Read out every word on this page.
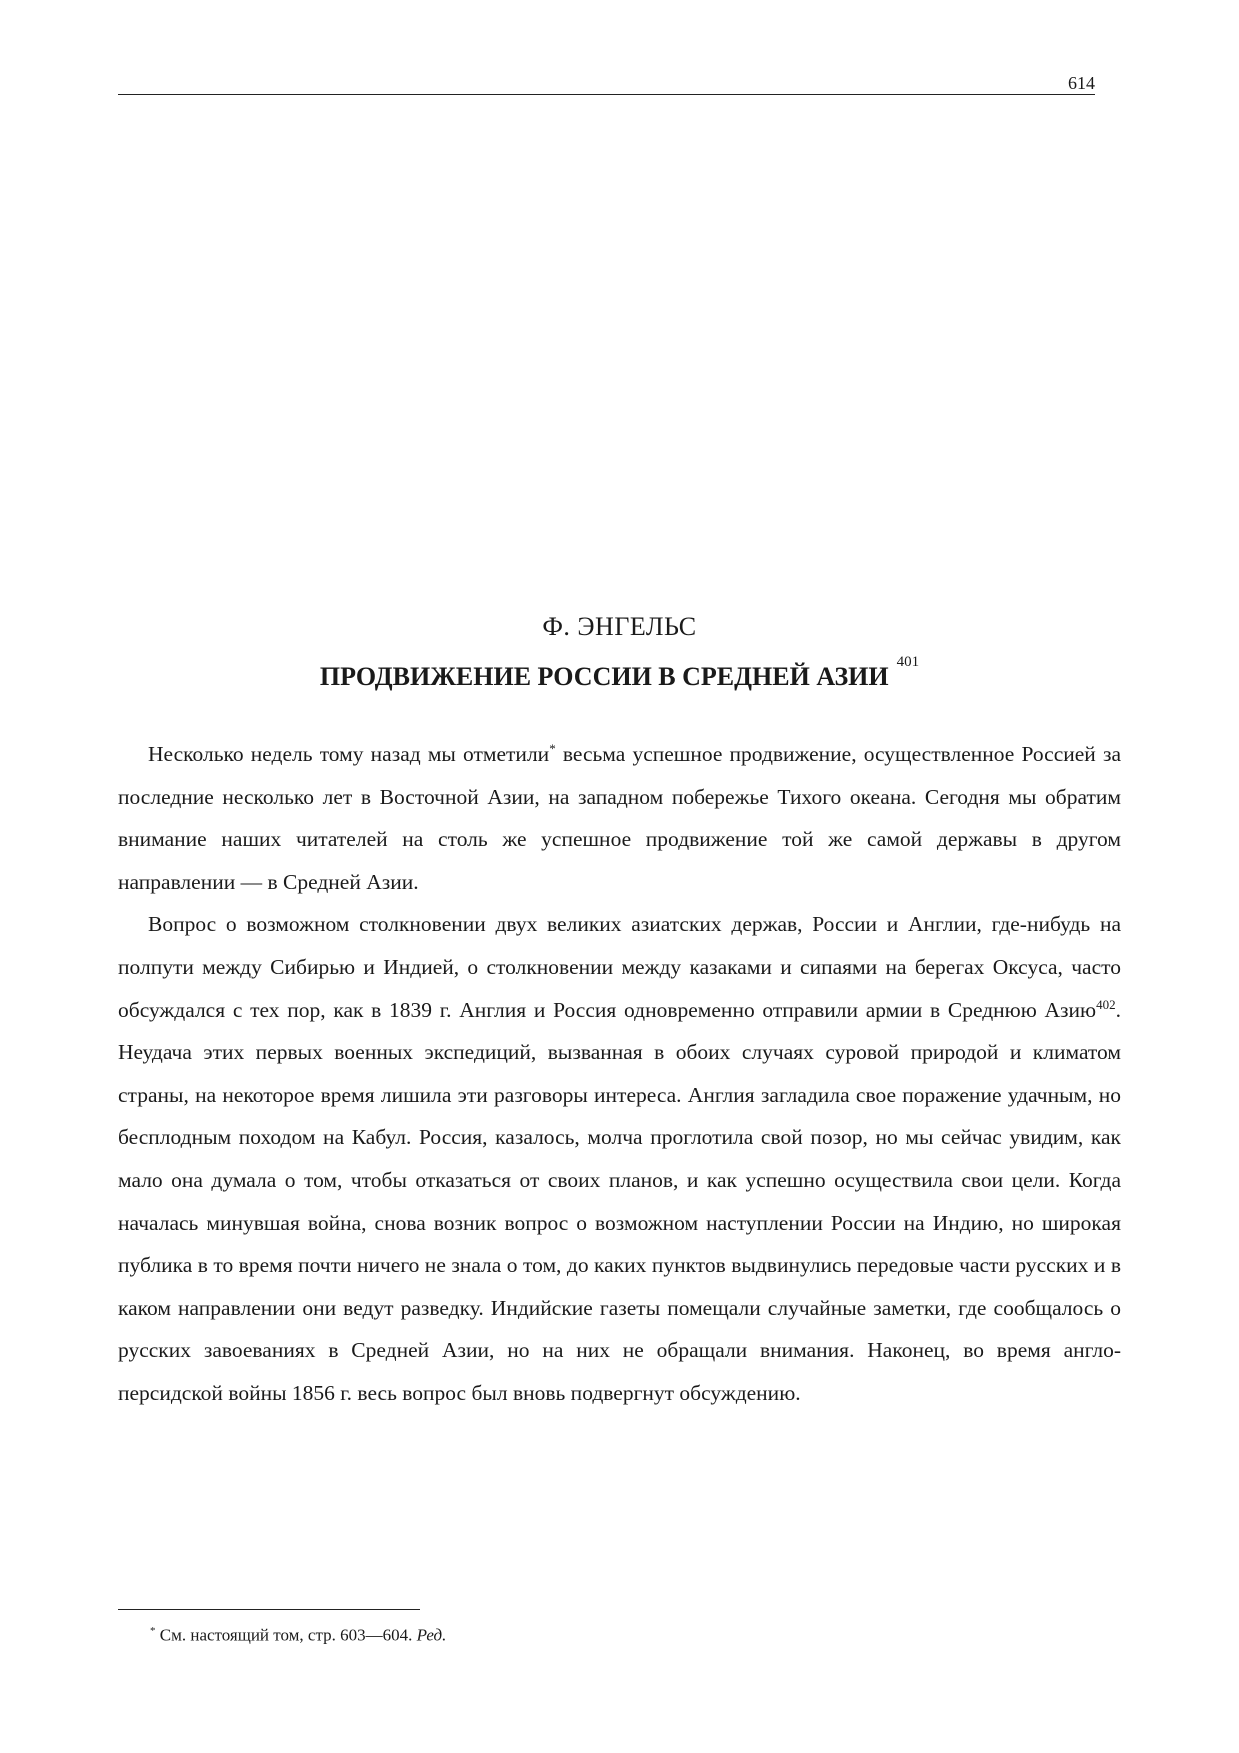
614
Ф. ЭНГЕЛЬС
ПРОДВИЖЕНИЕ РОССИИ В СРЕДНЕЙ АЗИИ $^{401}$

Несколько недель тому назад мы отметили* весьма успешное продвижение, осуществленное Россией за последние несколько лет в Восточной Азии, на западном побережье Тихого океана. Сегодня мы обратим внимание наших читателей на столь же успешное продвижение той же самой державы в другом направлении — в Средней Азии.

Вопрос о возможном столкновении двух великих азиатских держав, России и Англии, где-нибудь на полпути между Сибирью и Индией, о столкновении между казаками и сипаями на берегах Оксуса, часто обсуждался с тех пор, как в 1839 г. Англия и Россия одновременно отправили армии в Среднюю Азию$^{402}$. Неудача этих первых военных экспедиций, вызванная в обоих случаях суровой природой и климатом страны, на некоторое время лишила эти разговоры интереса. Англия загладила свое поражение удачным, но бесплодным походом на Кабул. Россия, казалось, молча проглотила свой позор, но мы сейчас увидим, как мало она думала о том, чтобы отказаться от своих планов, и как успешно осуществила свои цели. Когда началась минувшая война, снова возник вопрос о возможном наступлении России на Индию, но широкая публика в то время почти ничего не знала о том, до каких пунктов выдвинулись передовые части русских и в каком направлении они ведут разведку. Индийские газеты помещали случайные заметки, где сообщалось о русских завоеваниях в Средней Азии, но на них не обращали внимания. Наконец, во время англо-персидской войны 1856 г. весь вопрос был вновь подвергнут обсуждению.

* См. настоящий том, стр. 603—604. Ред.
